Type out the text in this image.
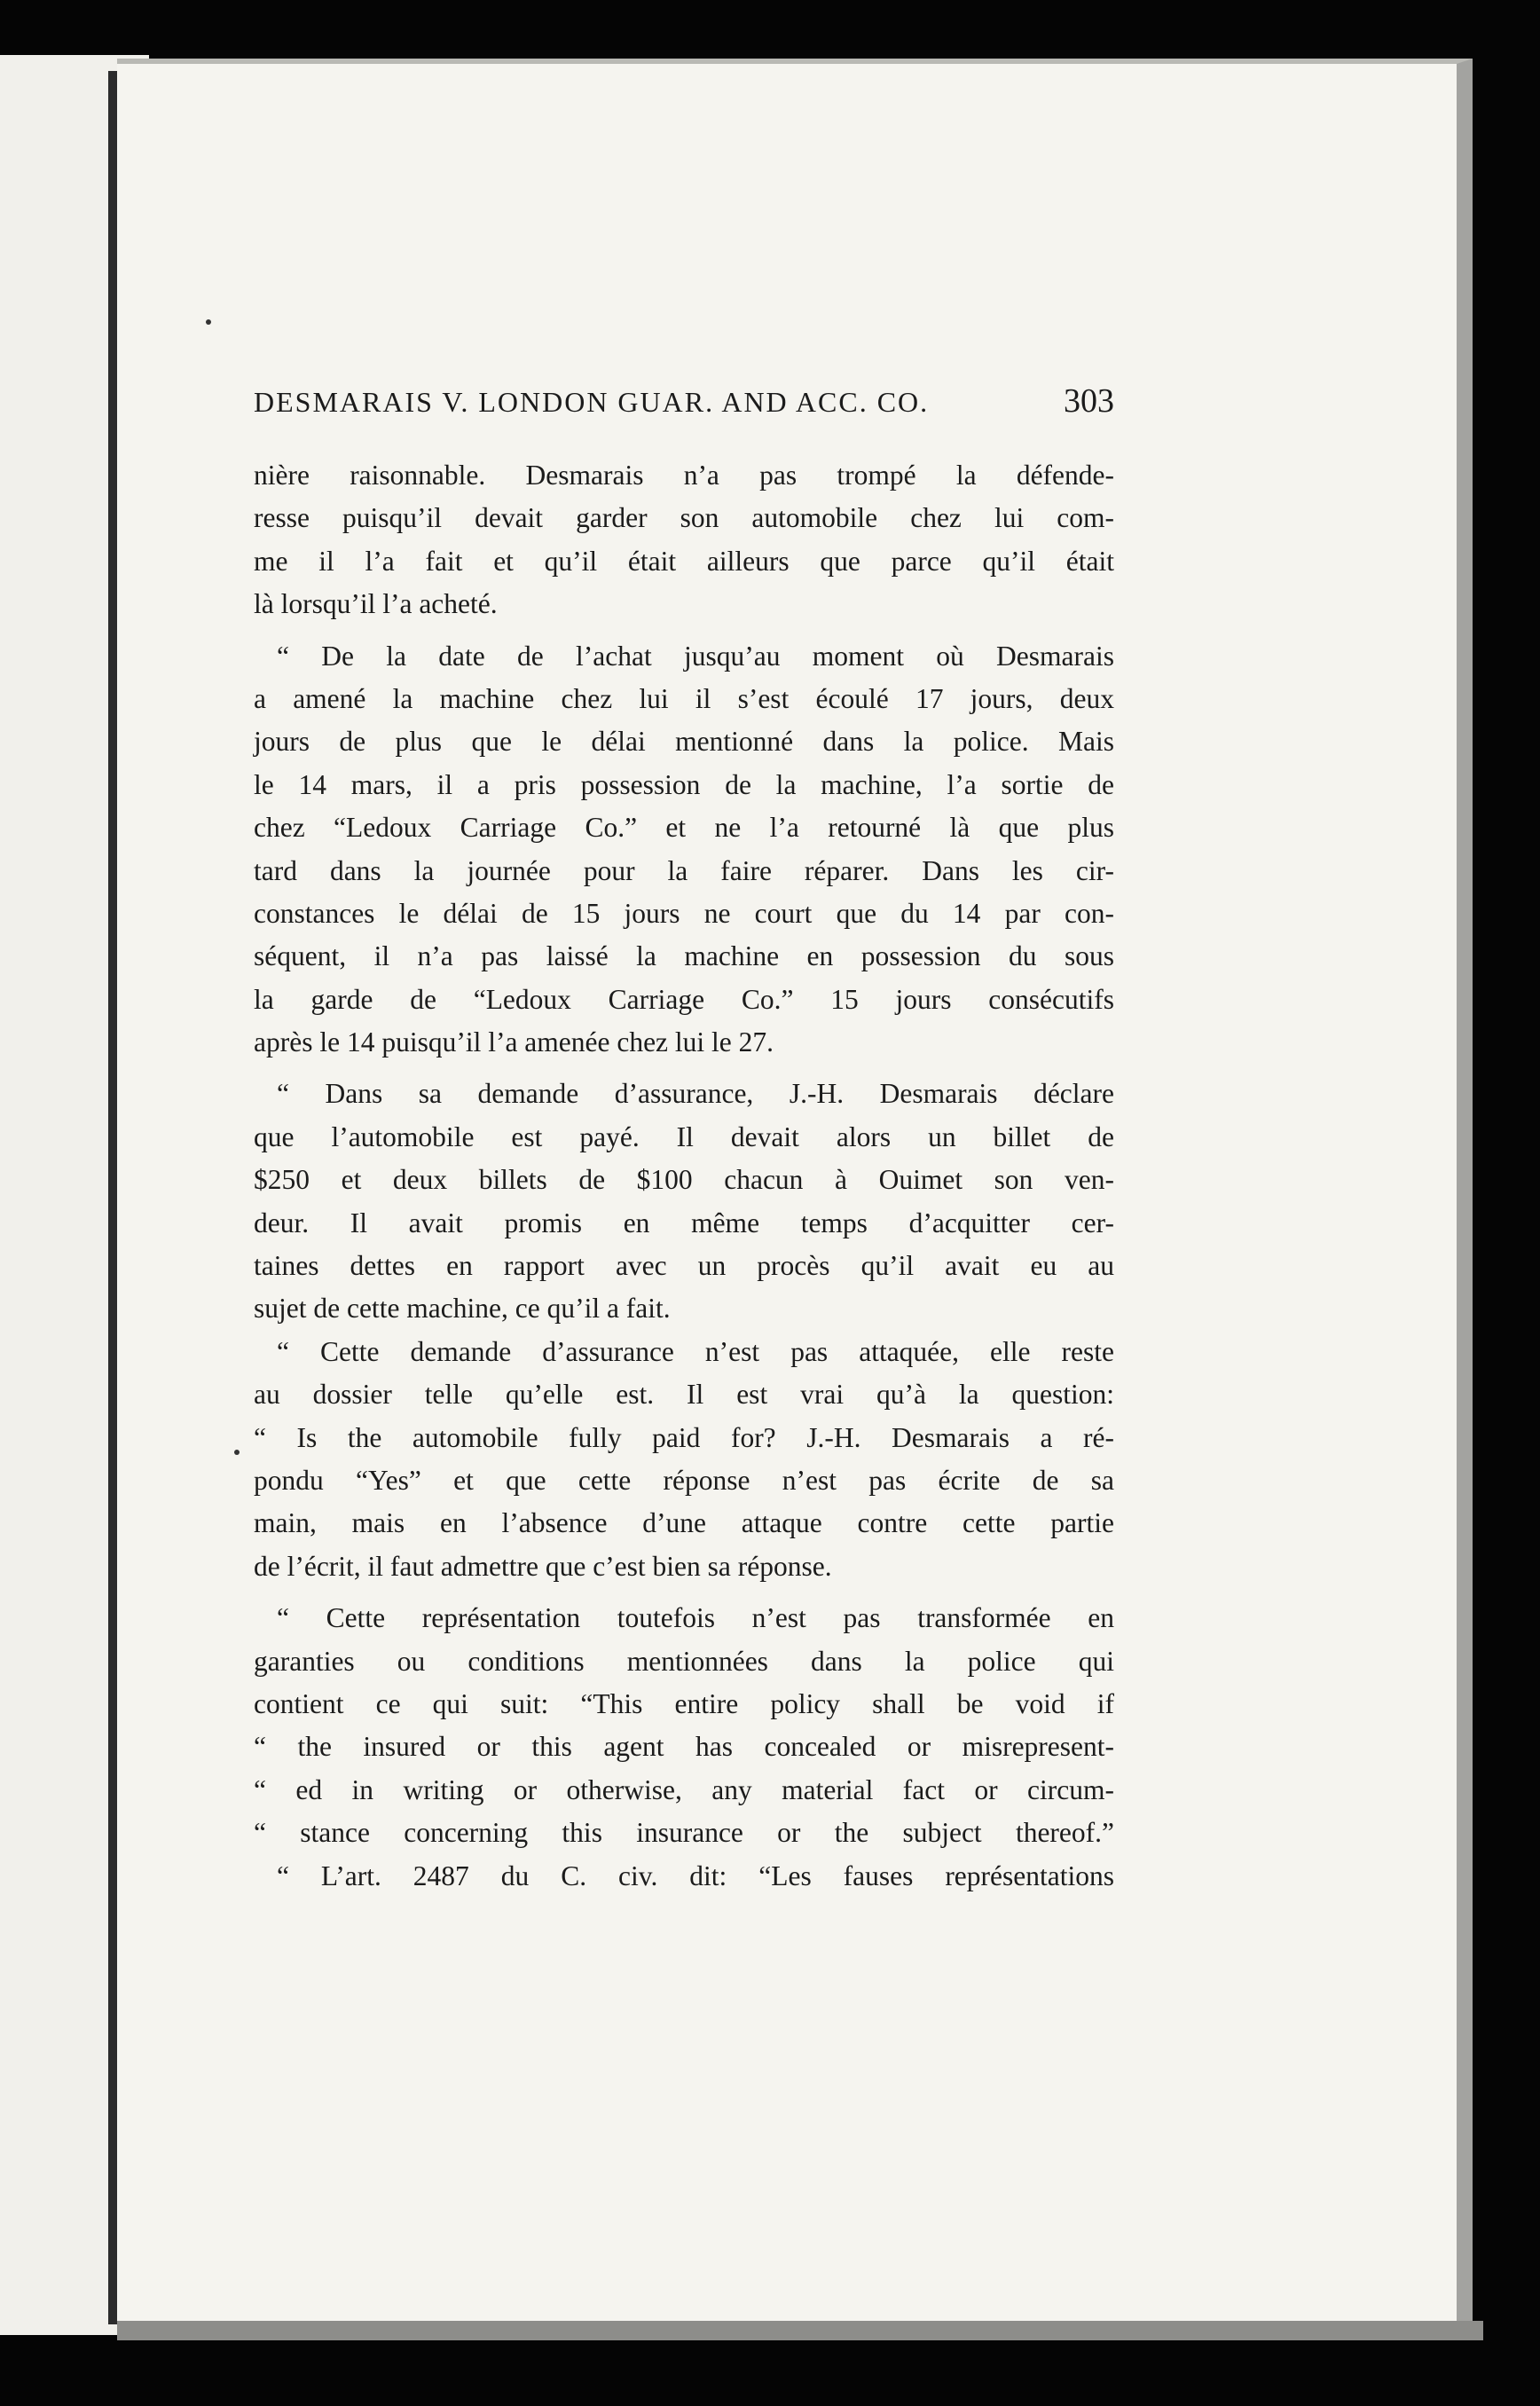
DESMARAIS V. LONDON GUAR. AND ACC. CO.	303

nière raisonnable. Desmarais n’a pas trompé la défende-
resse puisqu’il devait garder son automobile chez lui com-
me il l’a fait et qu’il était ailleurs que parce qu’il était
là lorsqu’il l’a acheté.

“ De la date de l’achat jusqu’au moment où Desmarais
a amené la machine chez lui il s’est écoulé 17 jours, deux
jours de plus que le délai mentionné dans la police. Mais
le 14 mars, il a pris possession de la machine, l’a sortie de
chez “Ledoux Carriage Co.” et ne l’a retourné là que plus
tard dans la journée pour la faire réparer. Dans les cir-
constances le délai de 15 jours ne court que du 14 par con-
séquent, il n’a pas laissé la machine en possession du sous
la garde de “Ledoux Carriage Co.” 15 jours consécutifs
après le 14 puisqu’il l’a amenée chez lui le 27.

“ Dans sa demande d’assurance, J.-H. Desmarais déclare
que l’automobile est payé. Il devait alors un billet de
$250 et deux billets de $100 chacun à Ouimet son ven-
deur. Il avait promis en même temps d’acquitter cer-
taines dettes en rapport avec un procès qu’il avait eu au
sujet de cette machine, ce qu’il a fait.

“ Cette demande d’assurance n’est pas attaquée, elle reste
au dossier telle qu’elle est. Il est vrai qu’à la question:
“ Is the automobile fully paid for? J.-H. Desmarais a ré-
pondu “Yes” et que cette réponse n’est pas écrite de sa
main, mais en l’absence d’une attaque contre cette partie
de l’écrit, il faut admettre que c’est bien sa réponse.

“ Cette représentation toutefois n’est pas transformée en
garanties ou conditions mentionnées dans la police qui
contient ce qui suit: “This entire policy shall be void if
“ the insured or this agent has concealed or misrepresent-
“ ed in writing or otherwise, any material fact or circum-
“ stance concerning this insurance or the subject thereof.”

“ L’art. 2487 du C. civ. dit: “Les fauses représentations
